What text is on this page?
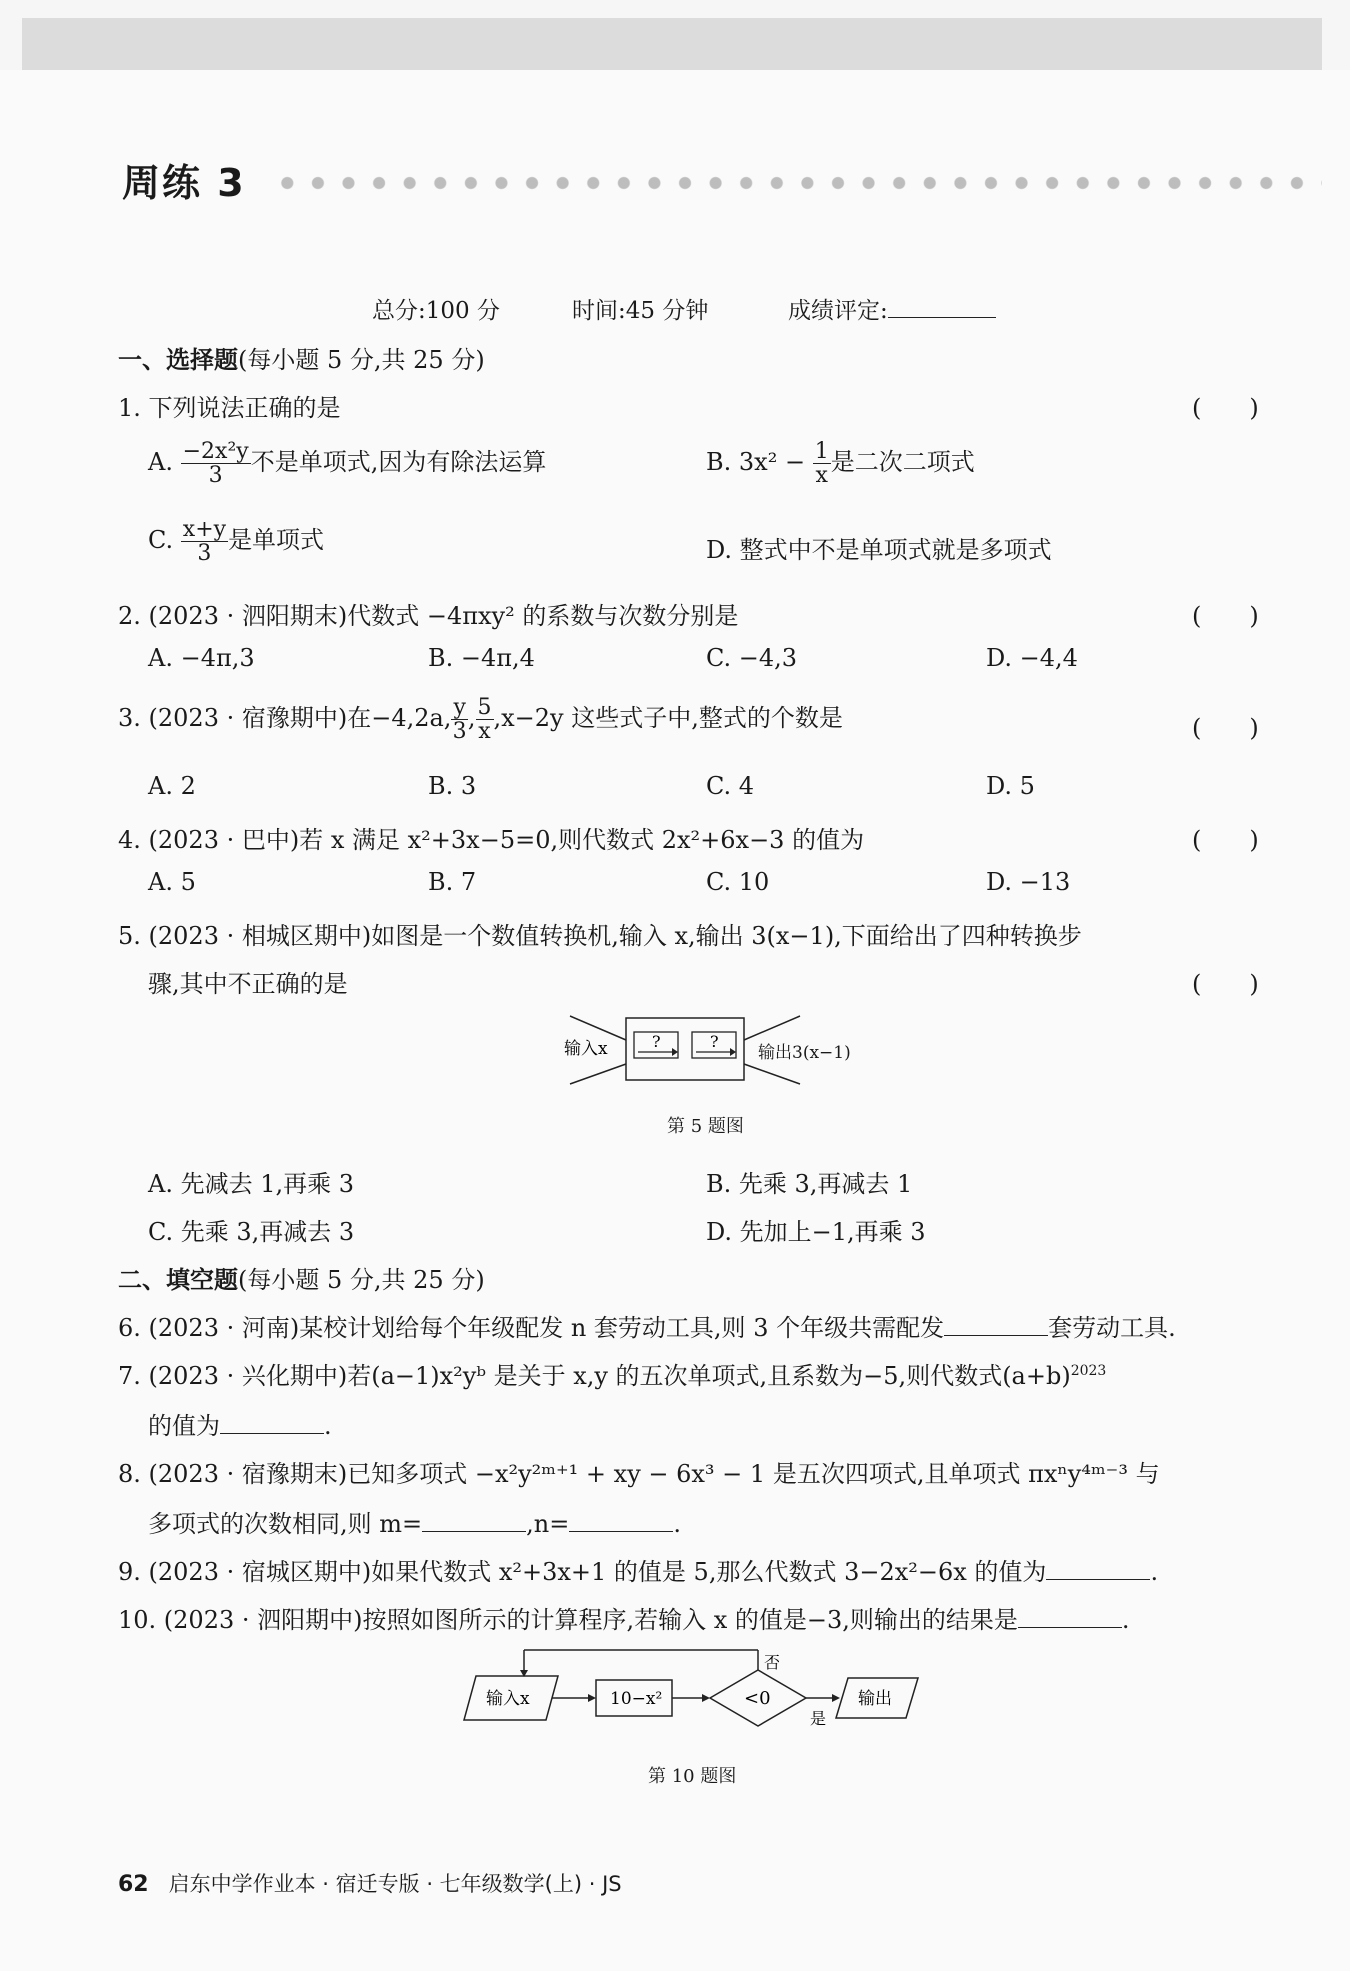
周练 3
总分:100 分	时间:45 分钟	成绩评定:
一、选择题(每小题 5 分,共 25 分)
1. 下列说法正确的是	(　　)
A. $\frac{\text{−2x²y}}{3}$ 不是单项式,因为有除法运算	B. $3x^2 - \frac{1}{x}$ 是二次二项式
C. $\frac{x+y}{3}$ 是单项式	D. 整式中不是单项式就是多项式
2. (2023 · 泗阳期末)代数式 −4πxy² 的系数与次数分别是	(　　)
A. −4π,3	B. −4π,4	C. −4,3	D. −4,4
3. (2023 · 宿豫期中)在−4,2a, $\frac{y}{3}$ , $\frac{5}{x} ,x-2y$ 这些式子中,整式的个数是	(　　)
A. 2	B. 3	C. 4	D. 5
4. (2023 · 巴中)若 x 满足 x²+3x−5=0,则代数式 2x²+6x−3 的值为	(　　)
A. 5	B. 7	C. 10	D. −13
5. (2023 · 相城区期中)如图是一个数值转换机,输入 x,输出 3(x−1),下面给出了四种转换步
骤,其中不正确的是	(　　)
?	?
输入x	输出3(x−1)
第 5 题图
A. 先减去 1,再乘 3	B. 先乘 3,再减去 1
C. 先乘 3,再减去 3	D. 先加上−1,再乘 3
二、填空题(每小题 5 分,共 25 分)
6. (2023 · 河南)某校计划给每个年级配发 n 套劳动工具,则 3 个年级共需配发	套劳动工具.
7. (2023 · 兴化期中)若(a−1)x²yᵇ 是关于 x,y 的五次单项式,且系数为−5,则代数式$(a+b)^{2023}$
的值为	.
8. (2023 · 宿豫期末)已知多项式 −x²y²ᵐ⁺¹ + xy − 6x³ − 1 是五次四项式,且单项式 πxⁿy⁴ᵐ⁻³ 与
多项式的次数相同,则 m=	,n=	.
9. (2023 · 宿城区期中)如果代数式 x²+3x+1 的值是 5,那么代数式 3−2x²−6x 的值为	.
10. (2023 · 泗阳期中)按照如图所示的计算程序,若输入 x 的值是−3,则输出的结果是	.
输入x	10−x²	<0
否
是
输出
第 10 题图
62 启东中学作业本 · 宿迁专版 · 七年级数学(上) · JS
